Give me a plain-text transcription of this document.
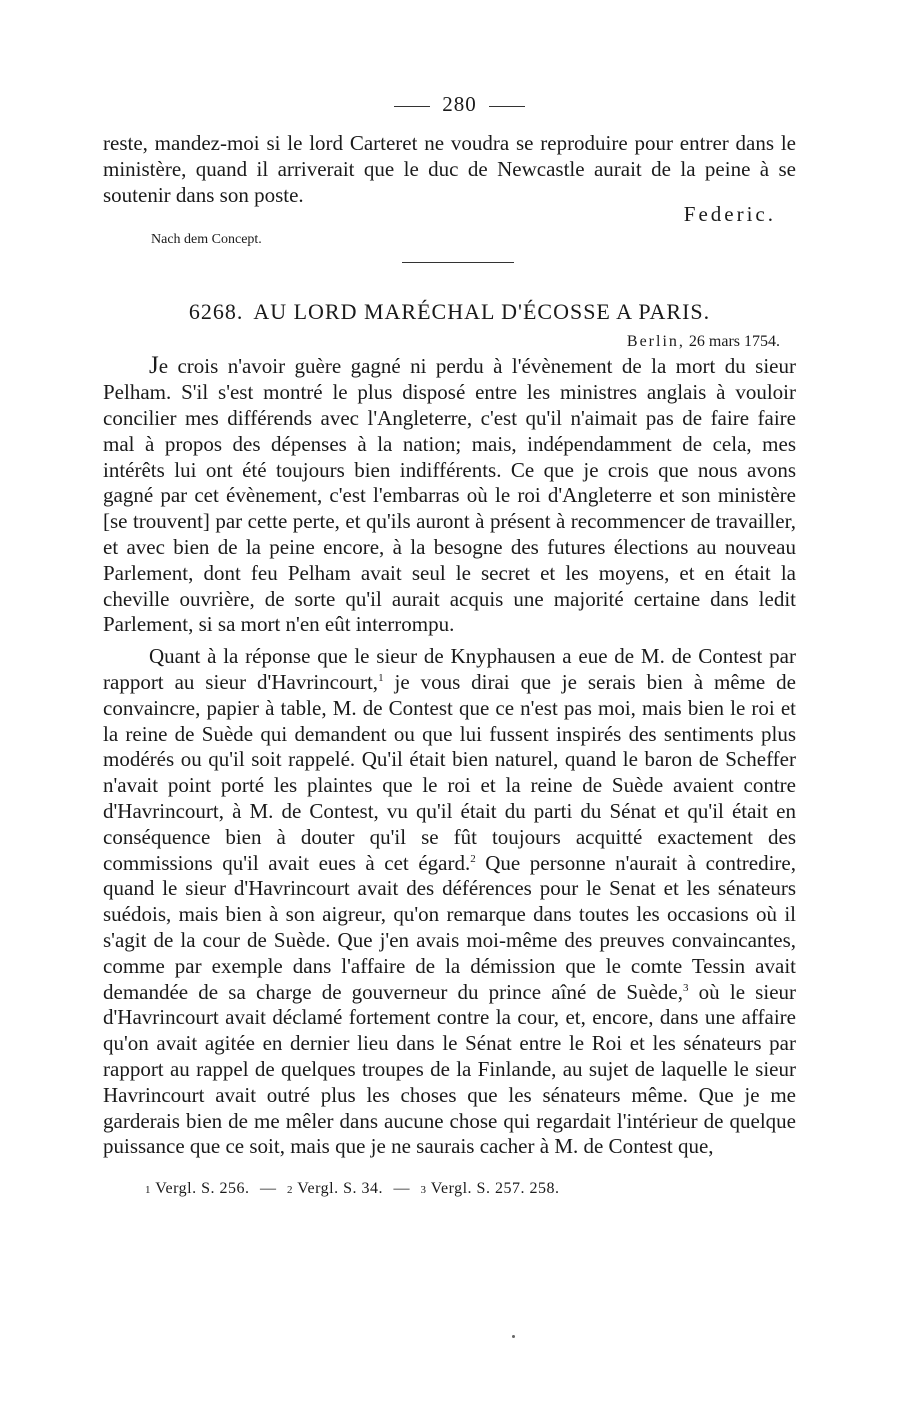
280

reste, mandez-moi si le lord Carteret ne voudra se reproduire pour entrer dans le ministère, quand il arriverait que le duc de Newcastle aurait de la peine à se soutenir dans son poste.

Federic.
Nach dem Concept.
6268. AU LORD MARÉCHAL D'ÉCOSSE A PARIS.
Berlin, 26 mars 1754.

Je crois n'avoir guère gagné ni perdu à l'évènement de la mort du sieur Pelham. S'il s'est montré le plus disposé entre les ministres anglais à vouloir concilier mes différends avec l'Angleterre, c'est qu'il n'aimait pas de faire faire mal à propos des dépenses à la nation; mais, indépendamment de cela, mes intérêts lui ont été toujours bien indifférents. Ce que je crois que nous avons gagné par cet évènement, c'est l'embarras où le roi d'Angleterre et son ministère [se trouvent] par cette perte, et qu'ils auront à présent à recommencer de travailler, et avec bien de la peine encore, à la besogne des futures élections au nouveau Parlement, dont feu Pelham avait seul le secret et les moyens, et en était la cheville ouvrière, de sorte qu'il aurait acquis une majorité certaine dans ledit Parlement, si sa mort n'en eût interrompu.

Quant à la réponse que le sieur de Knyphausen a eue de M. de Contest par rapport au sieur d'Havrincourt,$^1$ je vous dirai que je serais bien à même de convaincre, papier à table, M. de Contest que ce n'est pas moi, mais bien le roi et la reine de Suède qui demandent ou que lui fussent inspirés des sentiments plus modérés ou qu'il soit rappelé. Qu'il était bien naturel, quand le baron de Scheffer n'avait point porté les plaintes que le roi et la reine de Suède avaient contre d'Havrincourt, à M. de Contest, vu qu'il était du parti du Sénat et qu'il était en conséquence bien à douter qu'il se fût toujours acquitté exactement des commissions qu'il avait eues à cet égard.$^2$ Que personne n'aurait à contredire, quand le sieur d'Havrincourt avait des déférences pour le Senat et les sénateurs suédois, mais bien à son aigreur, qu'on remarque dans toutes les occasions où il s'agit de la cour de Suède. Que j'en avais moi-même des preuves convaincantes, comme par exemple dans l'affaire de la démission que le comte Tessin avait demandée de sa charge de gouverneur du prince aîné de Suède,$^3$ où le sieur d'Havrincourt avait déclamé fortement contre la cour, et, encore, dans une affaire qu'on avait agitée en dernier lieu dans le Sénat entre le Roi et les sénateurs par rapport au rappel de quelques troupes de la Finlande, au sujet de laquelle le sieur Havrincourt avait outré plus les choses que les sénateurs même. Que je me garderais bien de me mêler dans aucune chose qui regardait l'intérieur de quelque puissance que ce soit, mais que je ne saurais cacher à M. de Contest que,

1 Vergl. S. 256. — 2 Vergl. S. 34. — 3 Vergl. S. 257. 258.
